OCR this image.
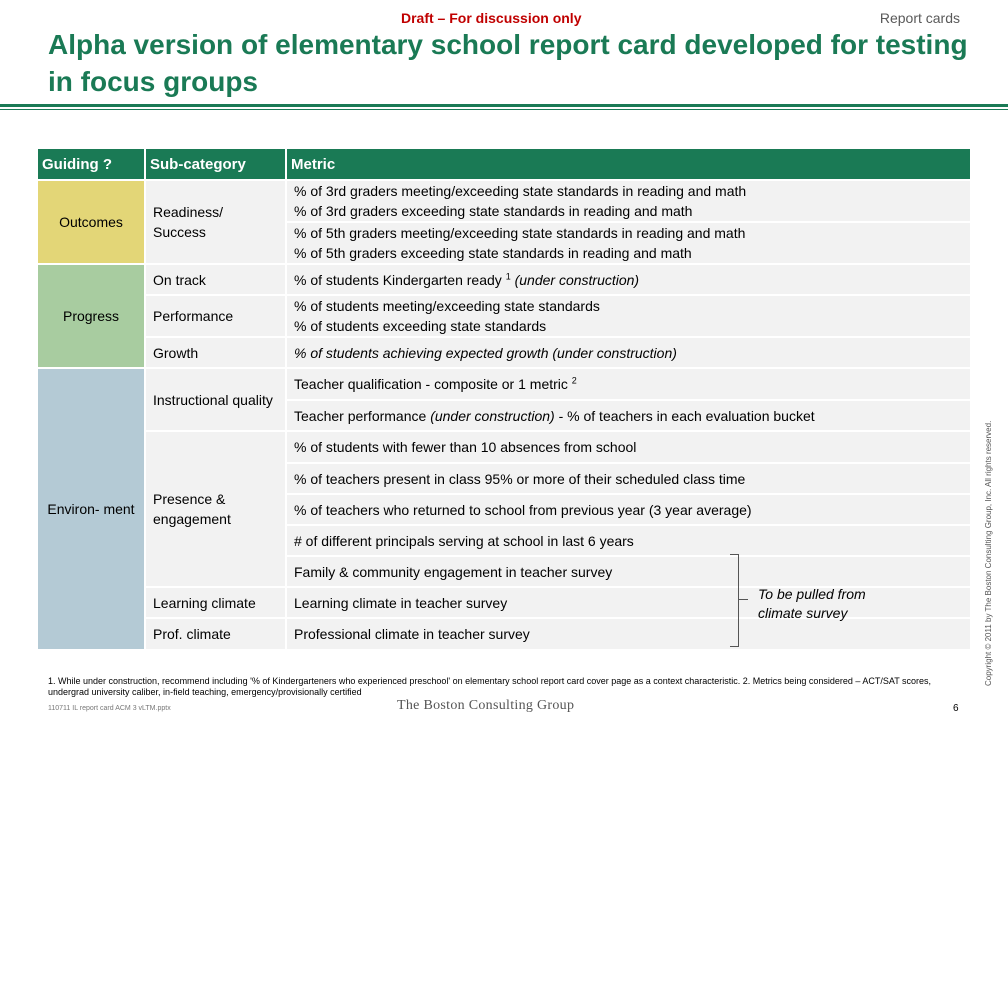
Draft – For discussion only	Report cards
Alpha version of elementary school report card developed for testing in focus groups
Guiding ?	Sub-category	Metric
Outcomes	Readiness/ Success	% of 3rd graders meeting/exceeding state standards in reading and math
% of 3rd graders exceeding state standards in reading and math

		% of 5th graders meeting/exceeding state standards in reading and math
% of 5th graders exceeding state standards in reading and math

Progress	On track	% of students Kindergarten ready $^1$ (under construction)
	Performance	% of students meeting/exceeding state standards
% of students exceeding state standards

	Growth	% of students achieving expected growth (under construction)
Environ- ment	Instructional quality	Teacher qualification - composite or 1 metric $^2$
		Teacher performance (under construction) - % of teachers in each evaluation bucket
	Presence & engagement	% of students with fewer than 10 absences from school
		% of teachers present in class 95% or more of their scheduled class time
		% of teachers who returned to school from previous year (3 year average)
		# of different principals serving at school in last 6 years
		Family & community engagement in teacher survey
	Learning climate	Learning climate in teacher survey
	Prof. climate	Professional climate in teacher survey
To be pulled from climate survey	Copyright © 2011 by The Boston Consulting Group, Inc. All rights reserved.
1. While under construction, recommend including '% of Kindergarteners who experienced preschool' on elementary school report card cover page as a context characteristic. 2. Metrics being considered – ACT/SAT scores, undergrad university caliber, in-field teaching, emergency/provisionally certified
110711 IL report card ACM 3 vLTM.pptx	The Boston Consulting Group	6
